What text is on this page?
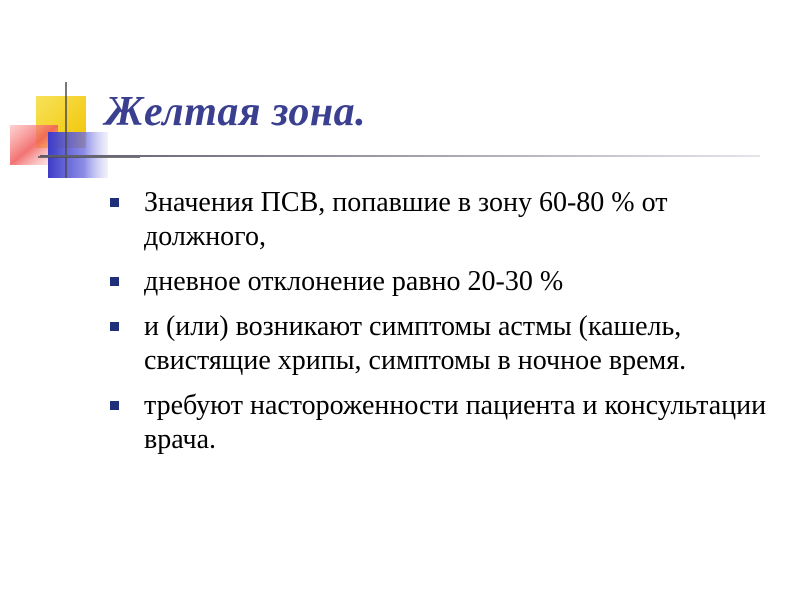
Желтая зона.
Значения ПСВ, попавшие в зону 60-80 % от должного,
дневное отклонение равно 20-30 %
и (или) возникают симптомы астмы (кашель, свистящие хрипы, симптомы в ночное время.
требуют настороженности пациента и консультации врача.
